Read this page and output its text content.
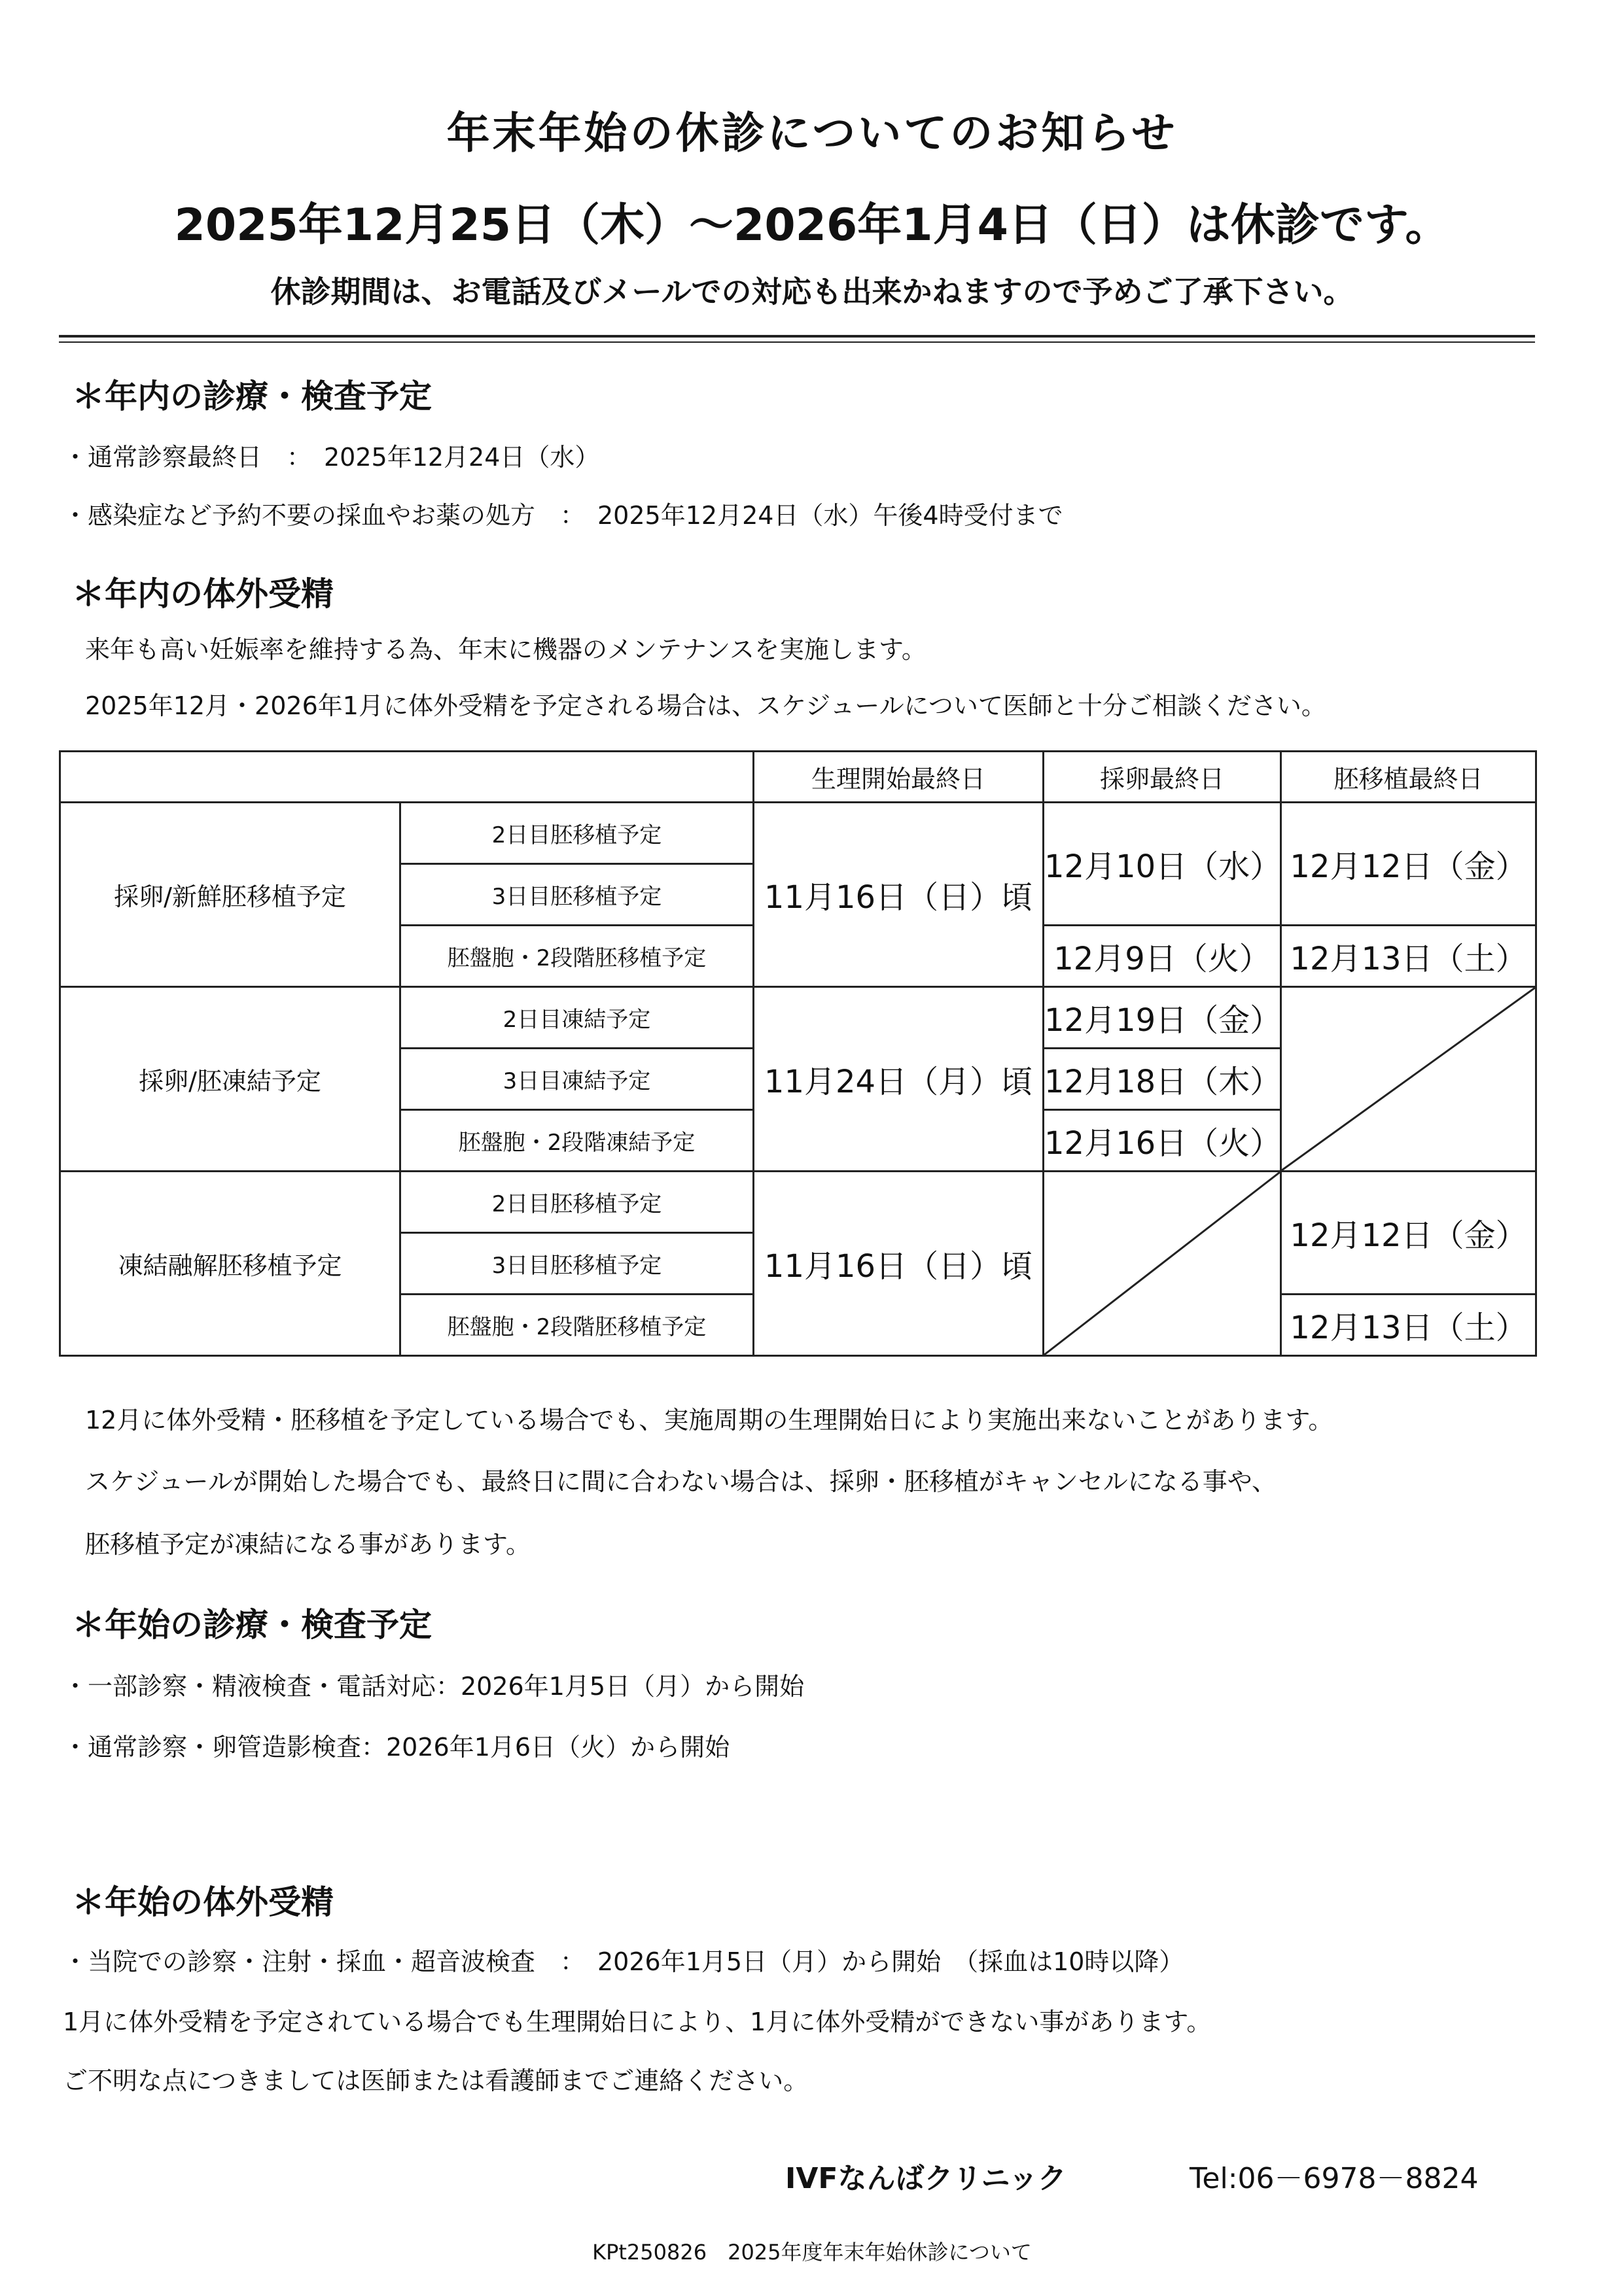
年末年始の休診についてのお知らせ
2025年12月25日（木）～2026年1月4日（日）は休診です。
休診期間は、お電話及びメールでの対応も出来かねますので予めご了承下さい。
＊年内の診療・検査予定
・通常診察最終日　：　2025年12月24日（水）
・感染症など予約不要の採血やお薬の処方　：　2025年12月24日（水）午後4時受付まで
＊年内の体外受精
来年も高い妊娠率を維持する為、年末に機器のメンテナンスを実施します。
2025年12月・2026年1月に体外受精を予定される場合は、スケジュールについて医師と十分ご相談ください。
		生理開始最終日	採卵最終日	胚移植最終日
採卵/新鮮胚移植予定	2日目胚移植予定	11月16日（日）頃	12月10日（水）	12月12日（金）
	3日目胚移植予定			
	胚盤胞・2段階胚移植予定		12月9日（火）	12月13日（土）
採卵/胚凍結予定	2日目凍結予定	11月24日（月）頃	12月19日（金）	

	3日目凍結予定		12月18日（木）	
	胚盤胞・2段階凍結予定		12月16日（火）	
凍結融解胚移植予定	2日目胚移植予定	11月16日（日）頃		12月12日（金）
	3日目胚移植予定			
	胚盤胞・2段階胚移植予定			12月13日（土）
12月に体外受精・胚移植を予定している場合でも、実施周期の生理開始日により実施出来ないことがあります。
スケジュールが開始した場合でも、最終日に間に合わない場合は、採卵・胚移植がキャンセルになる事や、
胚移植予定が凍結になる事があります。
＊年始の診療・検査予定
・一部診察・精液検査・電話対応：2026年1月5日（月）から開始
・通常診察・卵管造影検査：2026年1月6日（火）から開始
＊年始の体外受精
・当院での診察・注射・採血・超音波検査　：　2026年1月5日（月）から開始　（採血は10時以降）
1月に体外受精を予定されている場合でも生理開始日により、1月に体外受精ができない事があります。
ご不明な点につきましては医師または看護師までご連絡ください。
IVFなんばクリニック	Tel:06－6978－8824
KPt250826　2025年度年末年始休診について
